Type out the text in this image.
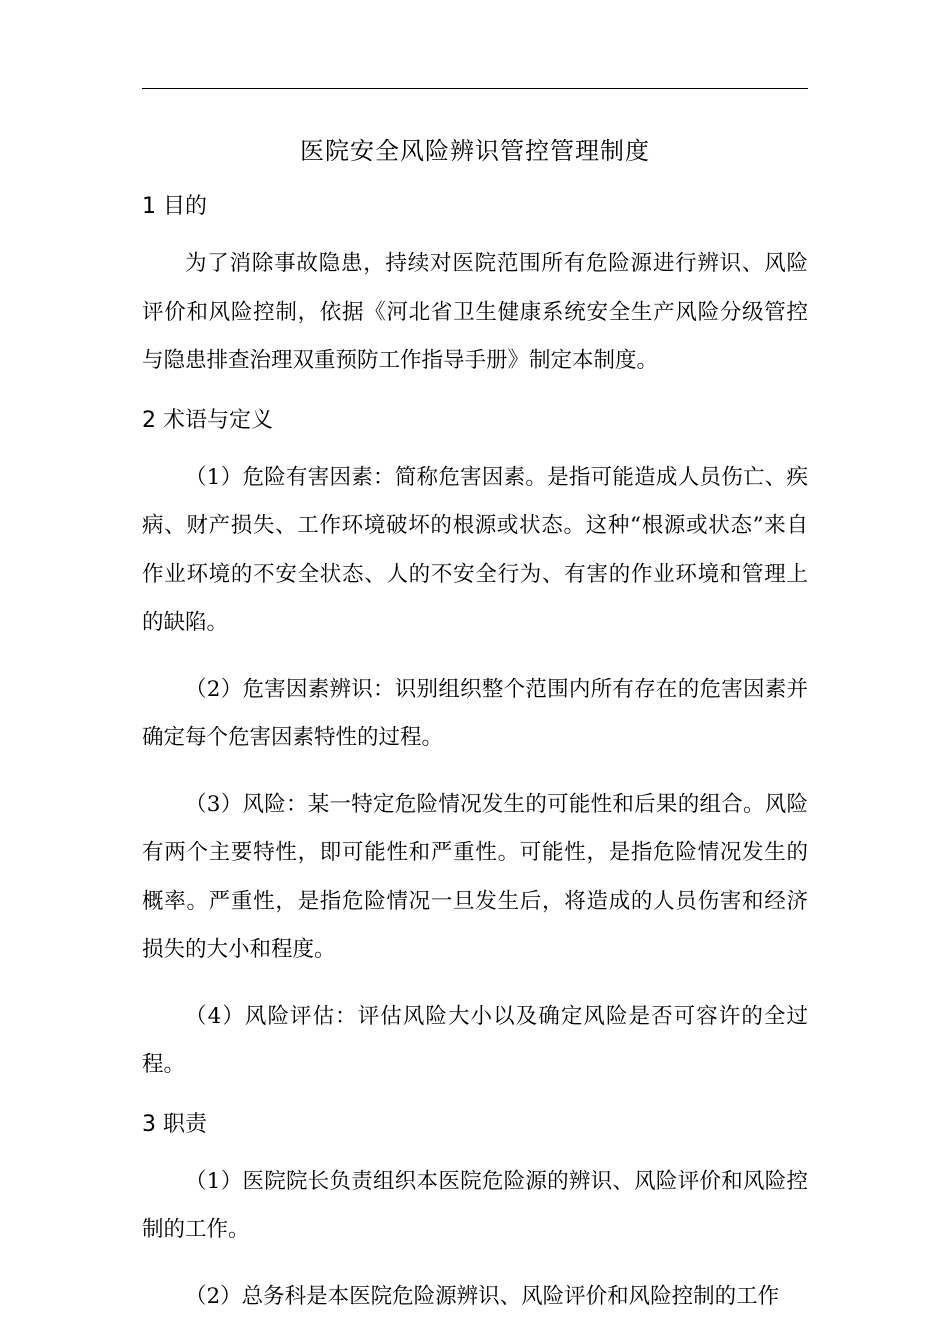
医院安全风险辨识管控管理制度
1 目的

为了消除事故隐患，持续对医院范围所有危险源进行辨识、风险评价和风险控制，依据《河北省卫生健康系统安全生产风险分级管控与隐患排查治理双重预防工作指导手册》制定本制度。

2 术语与定义

（1）危险有害因素：简称危害因素。是指可能造成人员伤亡、疾病、财产损失、工作环境破坏的根源或状态。这种“根源或状态”来自作业环境的不安全状态、人的不安全行为、有害的作业环境和管理上的缺陷。

（2）危害因素辨识：识别组织整个范围内所有存在的危害因素并确定每个危害因素特性的过程。

（3）风险：某一特定危险情况发生的可能性和后果的组合。风险有两个主要特性，即可能性和严重性。可能性，是指危险情况发生的概率。严重性，是指危险情况一旦发生后，将造成的人员伤害和经济损失的大小和程度。

（4）风险评估：评估风险大小以及确定风险是否可容许的全过程。

3 职责

（1）医院院长负责组织本医院危险源的辨识、风险评价和风险控制的工作。

（2）总务科是本医院危险源辨识、风险评价和风险控制的工作
